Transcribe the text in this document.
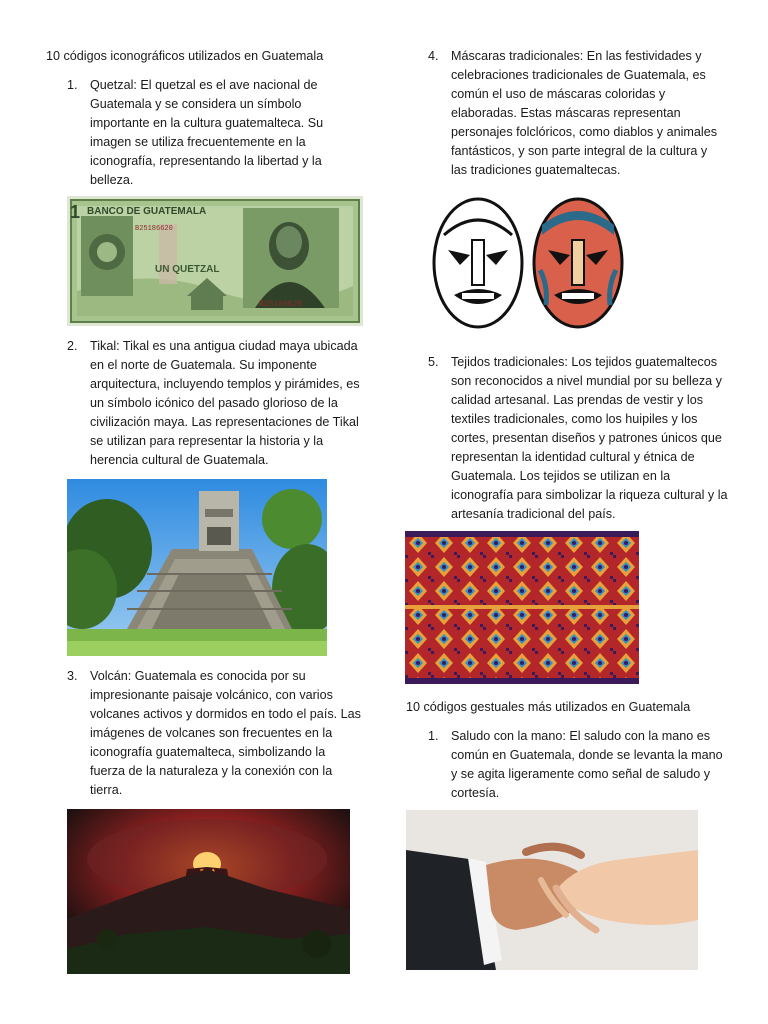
10 códigos iconográficos utilizados en Guatemala
1. Quetzal: El quetzal es el ave nacional de Guatemala y se considera un símbolo importante en la cultura guatemalteca. Su imagen se utiliza frecuentemente en la iconografía, representando la libertad y la belleza.
1 BANCO DE GUATEMALA
UN QUETZAL
B25186620
B25186620
2. Tikal: Tikal es una antigua ciudad maya ubicada en el norte de Guatemala. Su imponente arquitectura, incluyendo templos y pirámides, es un símbolo icónico del pasado glorioso de la civilización maya. Las representaciones de Tikal se utilizan para representar la historia y la herencia cultural de Guatemala.
3. Volcán: Guatemala es conocida por su impresionante paisaje volcánico, con varios volcanes activos y dormidos en todo el país. Las imágenes de volcanes son frecuentes en la iconografía guatemalteca, simbolizando la fuerza de la naturaleza y la conexión con la tierra.
4. Máscaras tradicionales: En las festividades y celebraciones tradicionales de Guatemala, es común el uso de máscaras coloridas y elaboradas. Estas máscaras representan personajes folclóricos, como diablos y animales fantásticos, y son parte integral de la cultura y las tradiciones guatemaltecas.
5. Tejidos tradicionales: Los tejidos guatemaltecos son reconocidos a nivel mundial por su belleza y calidad artesanal. Las prendas de vestir y los textiles tradicionales, como los huipiles y los cortes, presentan diseños y patrones únicos que representan la identidad cultural y étnica de Guatemala. Los tejidos se utilizan en la iconografía para simbolizar la riqueza cultural y la artesanía tradicional del país.
10 códigos gestuales más utilizados en Guatemala
1. Saludo con la mano: El saludo con la mano es común en Guatemala, donde se levanta la mano y se agita ligeramente como señal de saludo y cortesía.
